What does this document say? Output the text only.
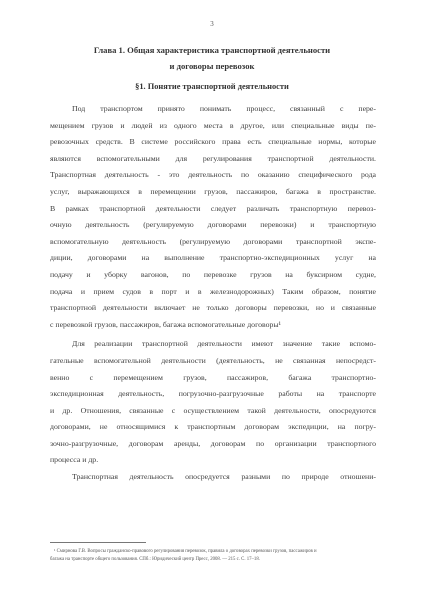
3
Глава 1. Общая характеристика транспортной деятельности
и договоры перевозок
§1. Понятие транспортной деятельности
Под транспортом принято понимать процесс, связанный с пере-
мещением грузов и людей из одного места в другое, или специальные виды пе-
ревозочных средств. В системе российского права есть специальные нормы, которые
являются вспомогательными для регулирования транспортной деятельности.
Транспортная деятельность - это деятельность по оказанию специфического рода
услуг, выражающихся в перемещении грузов, пассажиров, багажа в пространстве.
В рамках транспортной деятельности следует различать транспортную перевоз-
очную деятельность (регулируемую договорами перевозки) и транспортную
вспомогательную деятельность (регулируемую договорами транспортной экспе-
диции, договорами на выполнение транспортно-экспедиционных услуг на
подачу и уборку вагонов, по перевозке грузов на буксирном судне,
подача и прием судов в порт и в железнодорожных) Таким образом, понятие
транспортной деятельности включает не только договоры перевозки, но и связанные
с перевозкой грузов, пассажиров, багажа вспомогательные договоры¹
Для реализации транспортной деятельности имеют значение такие вспомо-
гательные вспомогательной деятельности (деятельность, не связанная непосредст-
венно с перемещением грузов, пассажиров, багажа транспортно-
экспедиционная деятельность, погрузочно-разгрузочные работы на транспорте
и др. Отношения, связанные с осуществлением такой деятельности, опосредуются
договорами, не относящимися к транспортным договорам экспедиции, на погру-
зочно-разгрузочные, договорам аренды, договорам по организации транспортного
процесса и др.
Транспортная деятельность опосредуется разными по природе отношени-
¹ Смирнова Г.В. Вопросы гражданско-правового регулирования перевозок, правила о договорах перевозки грузов, пассажиров и
багажа на транспорте общего пользования. СПб.: Юридический центр Пресс, 2008. — 215 с. С. 17–18.
